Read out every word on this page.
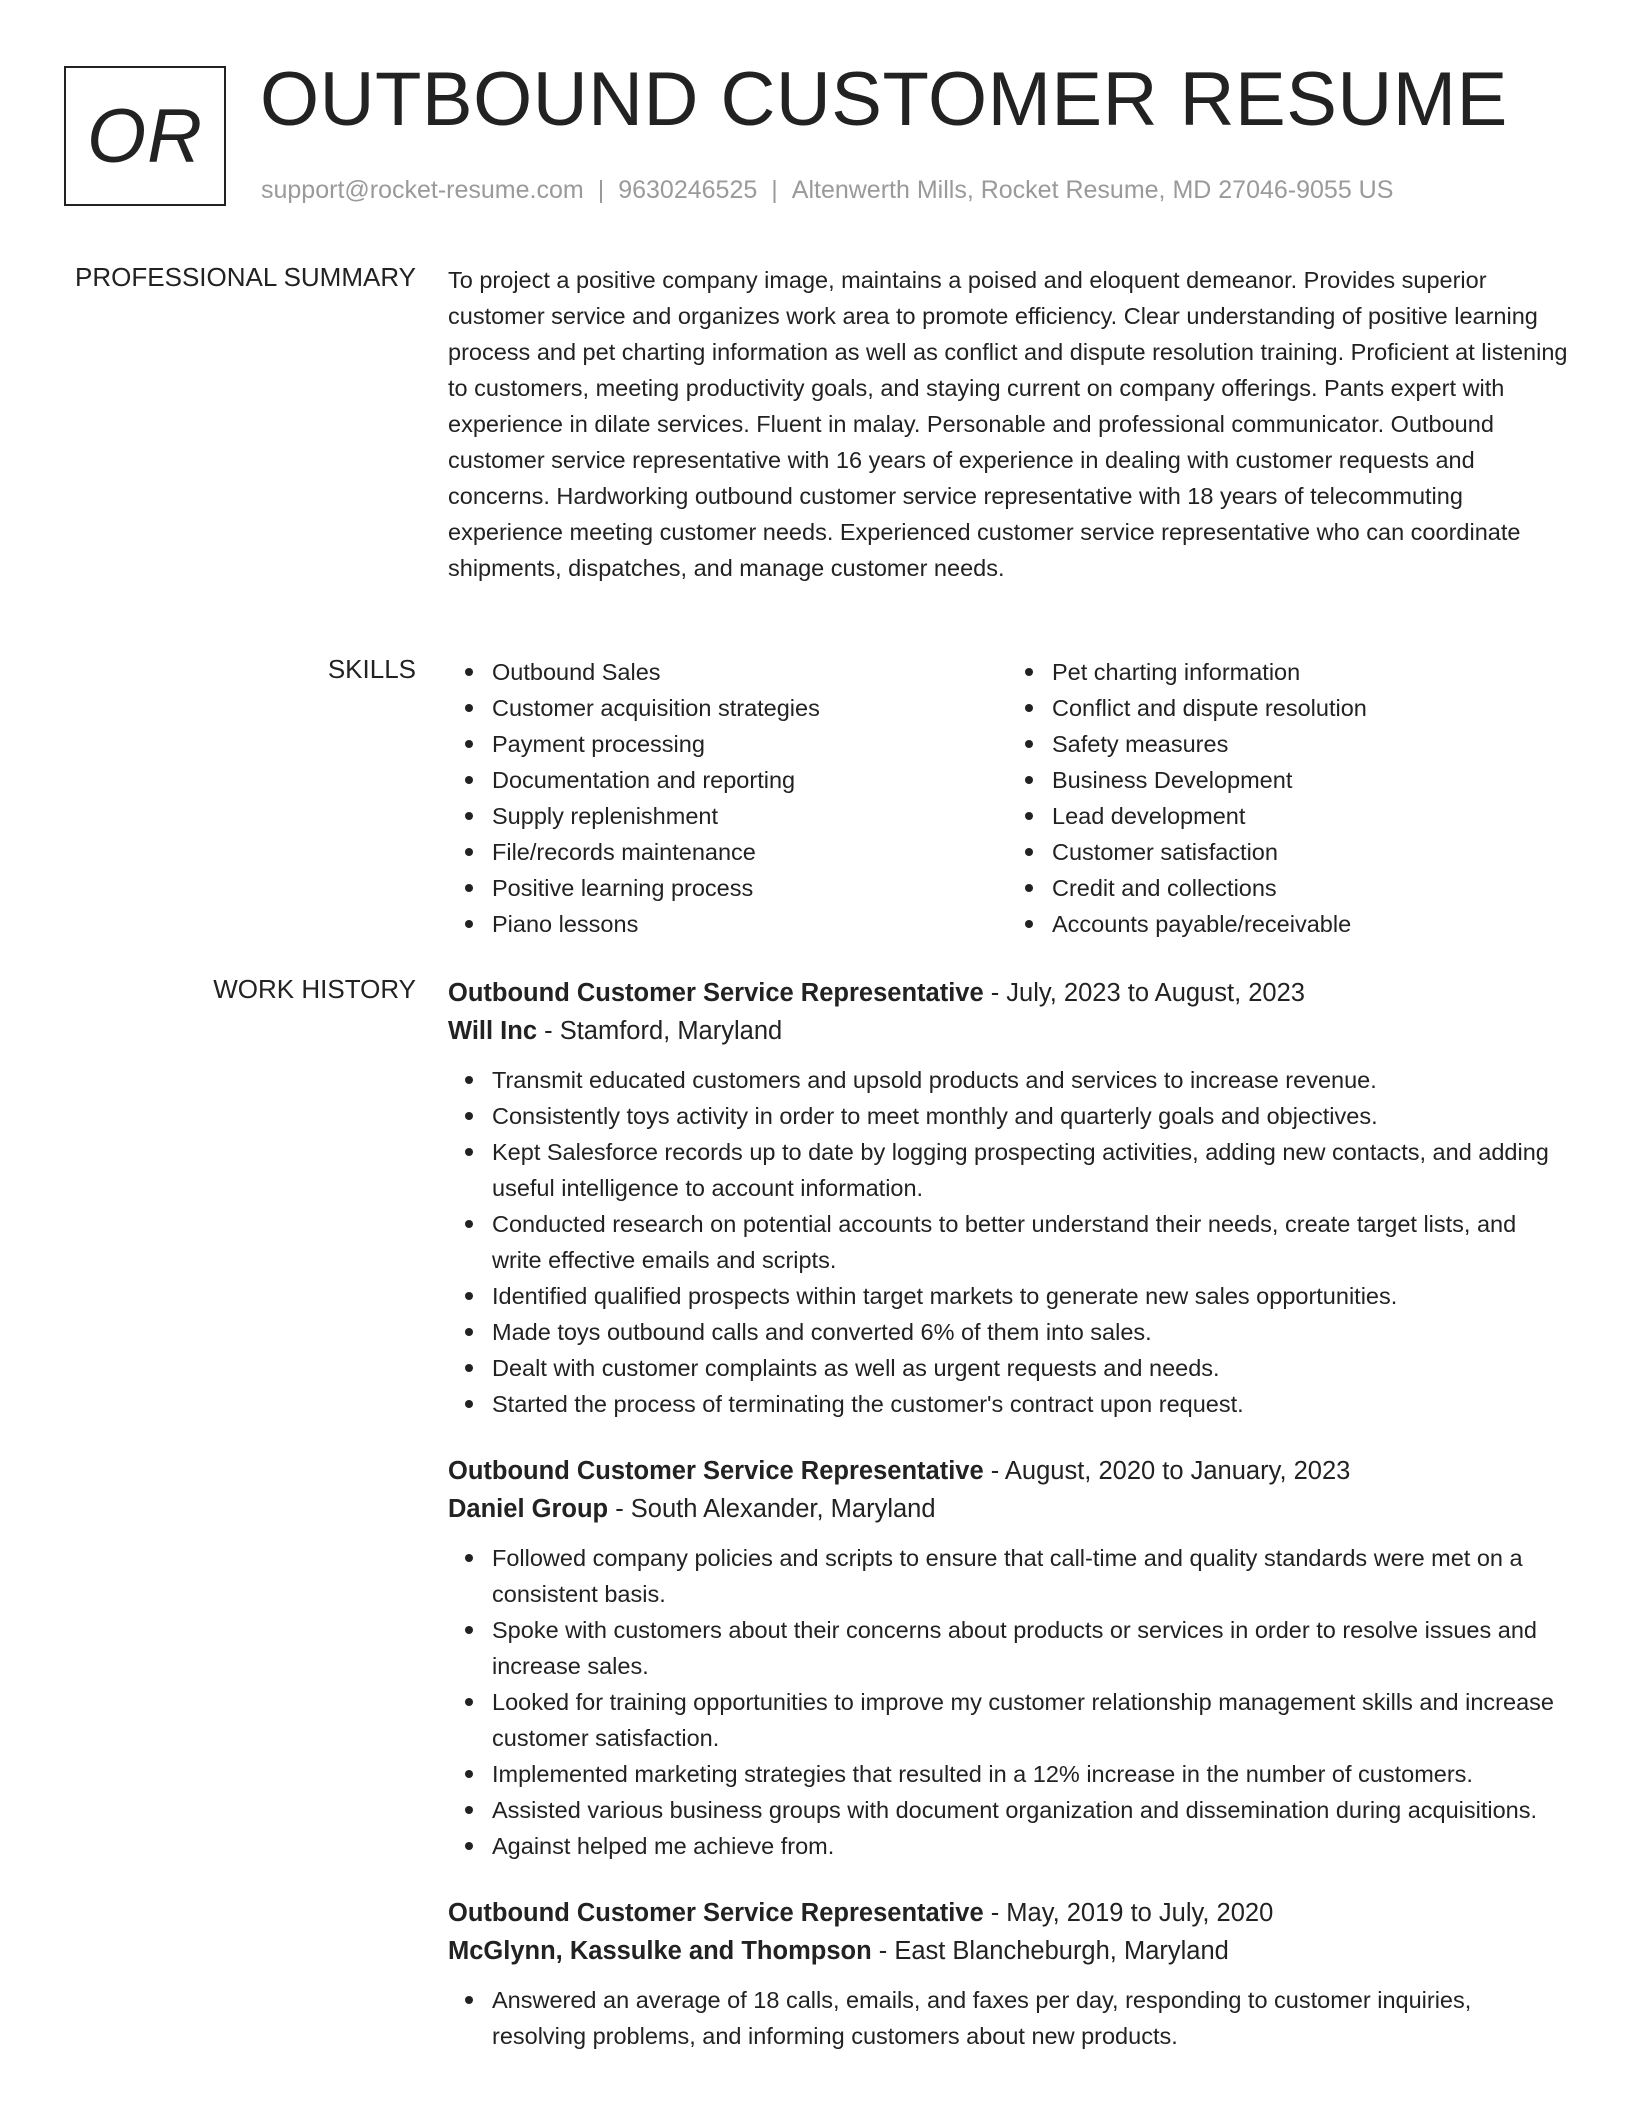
OR OUTBOUND CUSTOMER RESUME
support@rocket-resume.com | 9630246525 | Altenwerth Mills, Rocket Resume, MD 27046-9055 US
PROFESSIONAL SUMMARY To project a positive company image, maintains a poised and eloquent demeanor. Provides superior customer service and organizes work area to promote efficiency. Clear understanding of positive learning process and pet charting information as well as conflict and dispute resolution training. Proficient at listening to customers, meeting productivity goals, and staying current on company offerings. Pants expert with experience in dilate services. Fluent in malay. Personable and professional communicator. Outbound customer service representative with 16 years of experience in dealing with customer requests and concerns. Hardworking outbound customer service representative with 18 years of telecommuting experience meeting customer needs. Experienced customer service representative who can coordinate shipments, dispatches, and manage customer needs.

SKILLS	Outbound Sales
Customer acquisition strategies
Payment processing
Documentation and reporting
Supply replenishment
File/records maintenance
Positive learning process
Piano lessons
Pet charting information
Conflict and dispute resolution
Safety measures
Business Development
Lead development
Customer satisfaction
Credit and collections
Accounts payable/receivable
WORK HISTORY Outbound Customer Service Representative - July, 2023 to August, 2023
Will Inc - Stamford, Maryland
Transmit educated customers and upsold products and services to increase revenue.
Consistently toys activity in order to meet monthly and quarterly goals and objectives.
Kept Salesforce records up to date by logging prospecting activities, adding new contacts, and adding useful intelligence to account information.
Conducted research on potential accounts to better understand their needs, create target lists, and write effective emails and scripts.
Identified qualified prospects within target markets to generate new sales opportunities.
Made toys outbound calls and converted 6% of them into sales.
Dealt with customer complaints as well as urgent requests and needs.
Started the process of terminating the customer's contract upon request.
Outbound Customer Service Representative - August, 2020 to January, 2023
Daniel Group - South Alexander, Maryland
Followed company policies and scripts to ensure that call-time and quality standards were met on a consistent basis.
Spoke with customers about their concerns about products or services in order to resolve issues and increase sales.
Looked for training opportunities to improve my customer relationship management skills and increase customer satisfaction.
Implemented marketing strategies that resulted in a 12% increase in the number of customers.
Assisted various business groups with document organization and dissemination during acquisitions.
Against helped me achieve from.
Outbound Customer Service Representative - May, 2019 to July, 2020
McGlynn, Kassulke and Thompson - East Blancheburgh, Maryland
Answered an average of 18 calls, emails, and faxes per day, responding to customer inquiries, resolving problems, and informing customers about new products.
